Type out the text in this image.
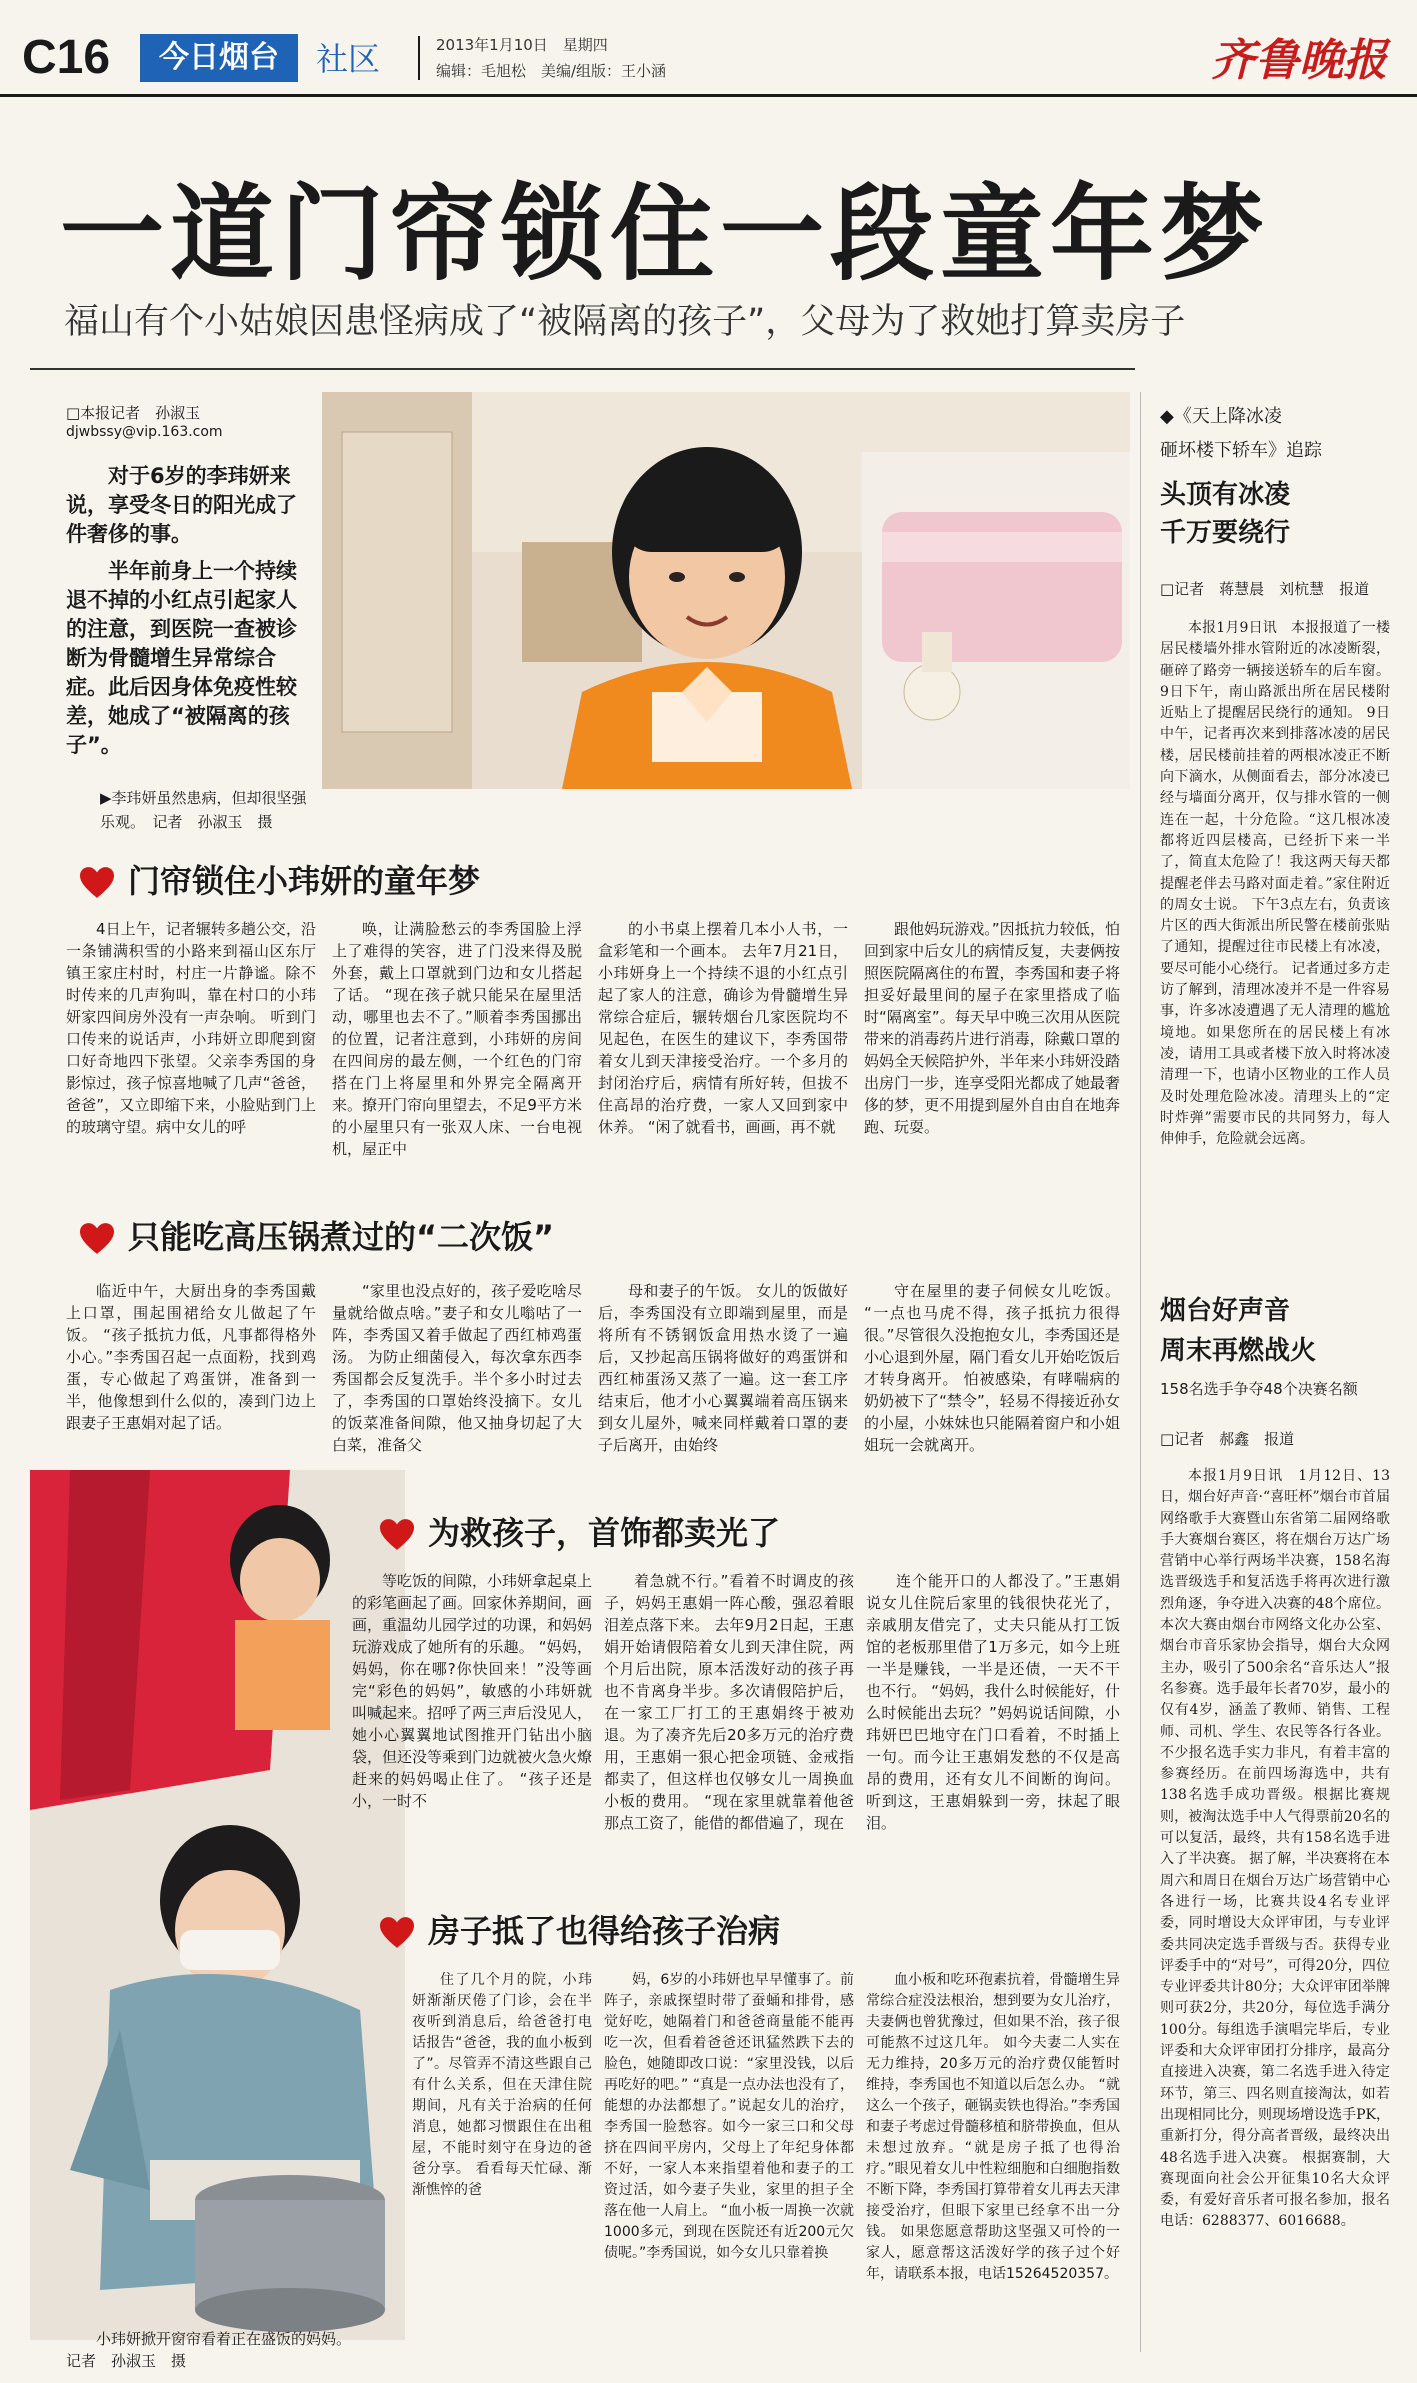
C16	今日烟台	社区	2013年1月10日　星期四
编辑：毛旭松　美编/组版：王小涵	齐鲁晚报
一道门帘锁住一段童年梦
福山有个小姑娘因患怪病成了“被隔离的孩子”，父母为了救她打算卖房子
□本报记者　孙淑玉
djwbssy@vip.163.com

对于6岁的李玮妍来说，享受冬日的阳光成了件奢侈的事。

半年前身上一个持续退不掉的小红点引起家人的注意，到医院一查被诊断为骨髓增生异常综合症。此后因身体免疫性较差，她成了“被隔离的孩子”。

▶李玮妍虽然患病，但却很坚强乐观。　记者　孙淑玉　摄
门帘锁住小玮妍的童年梦

4日上午，记者辗转多趟公交，沿一条铺满积雪的小路来到福山区东厅镇王家庄村时，村庄一片静谧。除不时传来的几声狗叫，靠在村口的小玮妍家四间房外没有一声杂响。 听到门口传来的说话声，小玮妍立即爬到窗口好奇地四下张望。父亲李秀国的身影惊过，孩子惊喜地喊了几声“爸爸，爸爸”，又立即缩下来，小脸贴到门上的玻璃守望。病中女儿的呼

唤，让满脸愁云的李秀国脸上浮上了难得的笑容，进了门没来得及脱外套，戴上口罩就到门边和女儿搭起了话。 “现在孩子就只能呆在屋里活动，哪里也去不了。”顺着李秀国挪出的位置，记者注意到，小玮妍的房间在四间房的最左侧，一个红色的门帘搭在门上将屋里和外界完全隔离开来。撩开门帘向里望去，不足9平方米的小屋里只有一张双人床、一台电视机，屋正中

的小书桌上摆着几本小人书，一盒彩笔和一个画本。 去年7月21日，小玮妍身上一个持续不退的小红点引起了家人的注意，确诊为骨髓增生异常综合症后，辗转烟台几家医院均不见起色，在医生的建议下，李秀国带着女儿到天津接受治疗。一个多月的封闭治疗后，病情有所好转，但拔不住高昂的治疗费，一家人又回到家中休养。 “闲了就看书，画画，再不就

跟他妈玩游戏。”因抵抗力较低，怕回到家中后女儿的病情反复，夫妻俩按照医院隔离住的布置，李秀国和妻子将担妥好最里间的屋子在家里搭成了临时“隔离室”。每天早中晚三次用从医院带来的消毒药片进行消毒，除戴口罩的妈妈全天候陪护外，半年来小玮妍没踏出房门一步，连享受阳光都成了她最奢侈的梦，更不用提到屋外自由自在地奔跑、玩耍。

只能吃高压锅煮过的“二次饭”

临近中午，大厨出身的李秀国戴上口罩，围起围裙给女儿做起了午饭。 “孩子抵抗力低，凡事都得格外小心。”李秀国召起一点面粉，找到鸡蛋，专心做起了鸡蛋饼，准备到一半，他像想到什么似的，凑到门边上跟妻子王惠娟对起了话。

“家里也没点好的，孩子爱吃啥尽量就给做点啥。”妻子和女儿嗡咕了一阵，李秀国又着手做起了西红柿鸡蛋汤。 为防止细菌侵入，每次拿东西李秀国都会反复洗手。半个多小时过去了，李秀国的口罩始终没摘下。女儿的饭菜准备间隙，他又抽身切起了大白菜，准备父

母和妻子的午饭。 女儿的饭做好后，李秀国没有立即端到屋里，而是将所有不锈钢饭盒用热水烫了一遍后，又抄起高压锅将做好的鸡蛋饼和西红柿蛋汤又蒸了一遍。这一套工序结束后，他才小心翼翼端着高压锅来到女儿屋外，喊来同样戴着口罩的妻子后离开，由始终

守在屋里的妻子伺候女儿吃饭。 “一点也马虎不得，孩子抵抗力很得很。”尽管很久没抱抱女儿，李秀国还是小心退到外屋，隔门看女儿开始吃饭后才转身离开。 怕被感染，有哮喘病的奶奶被下了“禁令”，轻易不得接近孙女的小屋，小妹妹也只能隔着窗户和小姐姐玩一会就离开。

小玮妍掀开窗帘看着正在盛饭的妈妈。
记者　孙淑玉　摄
为救孩子，首饰都卖光了

等吃饭的间隙，小玮妍拿起桌上的彩笔画起了画。回家休养期间，画画，重温幼儿园学过的功课，和妈妈玩游戏成了她所有的乐趣。 “妈妈，妈妈，你在哪?你快回来！”没等画完“彩色的妈妈”，敏感的小玮妍就叫喊起来。招呼了两三声后没见人，她小心翼翼地试图推开门钻出小脑袋，但还没等乘到门边就被火急火燎赶来的妈妈喝止住了。 “孩子还是小，一时不

着急就不行。”看着不时调皮的孩子，妈妈王惠娟一阵心酸，强忍着眼泪差点落下来。 去年9月2日起，王惠娟开始请假陪着女儿到天津住院，两个月后出院，原本活泼好动的孩子再也不肯离身半步。多次请假陪护后，在一家工厂打工的王惠娟终于被劝退。为了凑齐先后20多万元的治疗费用，王惠娟一狠心把金项链、金戒指都卖了，但这样也仅够女儿一周换血小板的费用。 “现在家里就靠着他爸那点工资了，能借的都借遍了，现在

连个能开口的人都没了。”王惠娟说女儿住院后家里的钱很快花光了，亲戚朋友借完了，丈夫只能从打工饭馆的老板那里借了1万多元，如今上班一半是赚钱，一半是还债，一天不干也不行。 “妈妈，我什么时候能好，什么时候能出去玩？”妈妈说话间隙，小玮妍巴巴地守在门口看着，不时插上一句。而今让王惠娟发愁的不仅是高昂的费用，还有女儿不间断的询问。听到这，王惠娟躲到一旁，抹起了眼泪。

房子抵了也得给孩子治病

住了几个月的院，小玮妍渐渐厌倦了门诊，会在半夜听到消息后，给爸爸打电话报告“爸爸，我的血小板到了”。尽管弄不清这些跟自己有什么关系，但在天津住院期间，凡有关于治病的任何消息，她都习惯跟住在出租屋，不能时刻守在身边的爸爸分享。 看看每天忙碌、渐渐憔悴的爸

妈，6岁的小玮妍也早早懂事了。前阵子，亲戚探望时带了蚕蛹和排骨，感觉好吃，她隔着门和爸爸商量能不能再吃一次，但看着爸爸还讯猛然跌下去的脸色，她随即改口说：“家里没钱，以后再吃好的吧。” “真是一点办法也没有了，能想的办法都想了。”说起女儿的治疗，李秀国一脸愁容。如今一家三口和父母挤在四间平房内，父母上了年纪身体都不好，一家人本来指望着他和妻子的工资过活，如今妻子失业，家里的担子全落在他一人肩上。 “血小板一周换一次就1000多元，到现在医院还有近200元欠债呢。”李秀国说，如今女儿只靠着换

血小板和吃环孢素抗着，骨髓增生异常综合症没法根治，想到要为女儿治疗，夫妻俩也曾犹豫过，但如果不治，孩子很可能熬不过这几年。 如今夫妻二人实在无力维持，20多万元的治疗费仅能暂时维持，李秀国也不知道以后怎么办。 “就这么一个孩子，砸锅卖铁也得治。”李秀国和妻子考虑过骨髓移植和脐带换血，但从未想过放弃。“就是房子抵了也得治疗。”眼见着女儿中性粒细胞和白细胞指数不断下降，李秀国打算带着女儿再去天津接受治疗，但眼下家里已经拿不出一分钱。 如果您愿意帮助这坚强又可怜的一家人，愿意帮这活泼好学的孩子过个好年，请联系本报，电话15264520357。

◆《天上降冰凌
砸坏楼下轿车》追踪
头顶有冰凌
千万要绕行
□记者　蒋慧晨　刘杭慧　报道

本报1月9日讯　本报报道了一楼居民楼墙外排水管附近的冰凌断裂，砸碎了路旁一辆接送轿车的后车窗。9日下午，南山路派出所在居民楼附近贴上了提醒居民绕行的通知。 9日中午，记者再次来到排落冰凌的居民楼，居民楼前挂着的两根冰凌正不断向下滴水，从侧面看去，部分冰凌已经与墙面分离开，仅与排水管的一侧连在一起，十分危险。“这几根冰凌都将近四层楼高，已经折下来一半了，简直太危险了！我这两天每天都提醒老伴去马路对面走着。”家住附近的周女士说。 下午3点左右，负责该片区的西大街派出所民警在楼前张贴了通知，提醒过往市民楼上有冰凌，要尽可能小心绕行。 记者通过多方走访了解到，清理冰凌并不是一件容易事，许多冰凌遭遇了无人清理的尴尬境地。如果您所在的居民楼上有冰凌，请用工具或者楼下放入时将冰凌清理一下，也请小区物业的工作人员及时处理危险冰凌。清理头上的“定时炸弹”需要市民的共同努力，每人伸伸手，危险就会远离。

烟台好声音
周末再燃战火
158名选手争夺48个决赛名额
□记者　郝鑫　报道

本报1月9日讯　1月12日、13日，烟台好声音·“喜旺杯”烟台市首届网络歌手大赛暨山东省第二届网络歌手大赛烟台赛区，将在烟台万达广场营销中心举行两场半决赛，158名海选晋级选手和复活选手将再次进行激烈角逐，争夺进入决赛的48个席位。 本次大赛由烟台市网络文化办公室、烟台市音乐家协会指导，烟台大众网主办，吸引了500余名“音乐达人”报名参赛。选手最年长者70岁，最小的仅有4岁，涵盖了教师、销售、工程师、司机、学生、农民等各行各业。不少报名选手实力非凡，有着丰富的参赛经历。在前四场海选中，共有138名选手成功晋级。根据比赛规则，被淘汰选手中人气得票前20名的可以复活，最终，共有158名选手进入了半决赛。 据了解，半决赛将在本周六和周日在烟台万达广场营销中心各进行一场，比赛共设4名专业评委，同时增设大众评审团，与专业评委共同决定选手晋级与否。获得专业评委手中的“对号”，可得20分，四位专业评委共计80分；大众评审团举牌则可获2分，共20分，每位选手满分100分。每组选手演唱完毕后，专业评委和大众评审团打分排序，最高分直接进入决赛，第二名选手进入待定环节，第三、四名则直接淘汰，如若出现相同比分，则现场增设选手PK，重新打分，得分高者晋级，最终决出48名选手进入决赛。 根据赛制，大赛现面向社会公开征集10名大众评委，有爱好音乐者可报名参加，报名电话：6288377、6016688。
